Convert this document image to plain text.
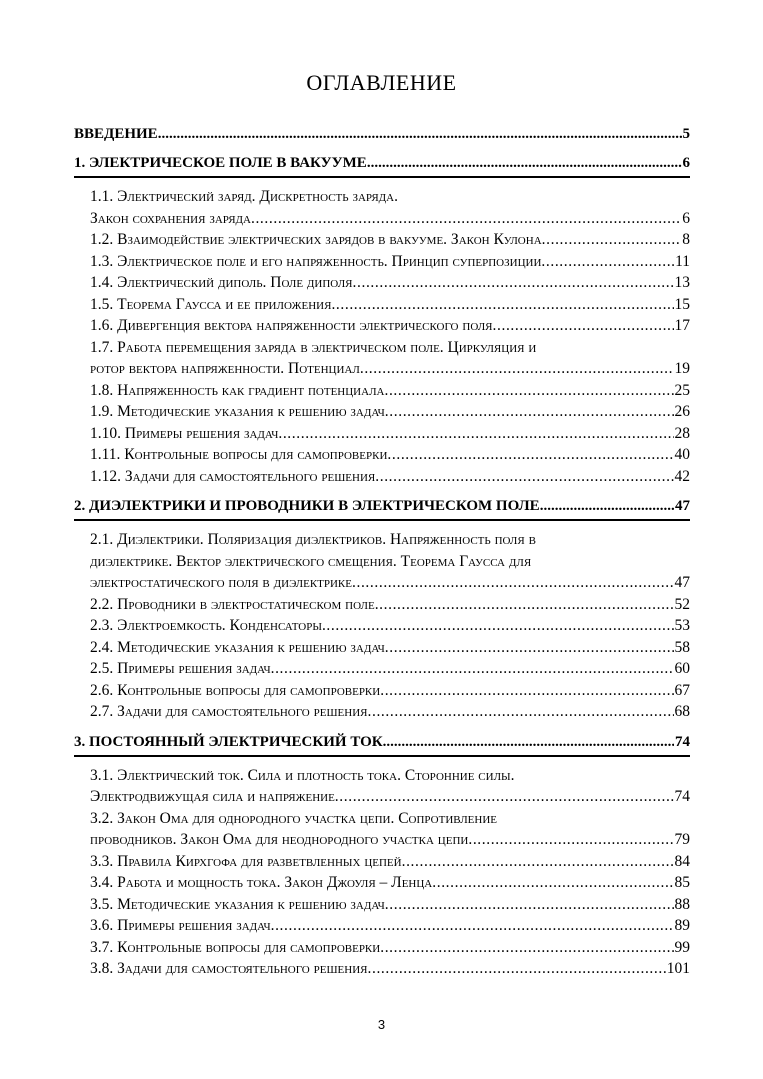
ОГЛАВЛЕНИЕ
ВВЕДЕНИЕ .....	5
1. ЭЛЕКТРИЧЕСКОЕ ПОЛЕ В ВАКУУМЕ .....	6
1.1. Электрический заряд. Дискретность заряда.
Закон сохранения заряда .....	6
1.2. Взаимодействие электрических зарядов в вакууме. Закон Кулона .....	8
1.3. Электрическое поле и его напряженность. Принцип суперпозиции .....	11
1.4. Электрический диполь. Поле диполя .....	13
1.5. Теорема Гаусса и ее приложения .....	15
1.6. Дивергенция вектора напряженности электрического поля .....	17
1.7. Работа перемещения заряда в электрическом поле. Циркуляция и
ротор вектора напряженности. Потенциал .....	19
1.8. Напряженность как градиент потенциала .....	25
1.9. Методические указания к решению задач .....	26
1.10. Примеры решения задач .....	28
1.11. Контрольные вопросы для самопроверки .....	40
1.12. Задачи для самостоятельного решения .....	42
2. ДИЭЛЕКТРИКИ И ПРОВОДНИКИ В ЭЛЕКТРИЧЕСКОМ ПОЛЕ .....	47
2.1. Диэлектрики. Поляризация диэлектриков. Напряженность поля в
диэлектрике. Вектор электрического смещения. Теорема Гаусса для
электростатического поля в диэлектрике .....	47
2.2. Проводники в электростатическом поле .....	52
2.3. Электроемкость. Конденсаторы .....	53
2.4. Методические указания к решению задач .....	58
2.5. Примеры решения задач .....	60
2.6. Контрольные вопросы для самопроверки .....	67
2.7. Задачи для самостоятельного решения .....	68
3. ПОСТОЯННЫЙ ЭЛЕКТРИЧЕСКИЙ ТОК .....	74
3.1. Электрический ток. Сила и плотность тока. Сторонние силы.
Электродвижущая сила и напряжение .....	74
3.2. Закон Ома для однородного участка цепи. Сопротивление
проводников. Закон Ома для неоднородного участка цепи .....	79
3.3. Правила Кирхгофа для разветвленных цепей .....	84
3.4. Работа и мощность тока. Закон Джоуля – Ленца .....	85
3.5. Методические указания к решению задач .....	88
3.6. Примеры решения задач .....	89
3.7. Контрольные вопросы для самопроверки .....	99
3.8. Задачи для самостоятельного решения .....	101
3
